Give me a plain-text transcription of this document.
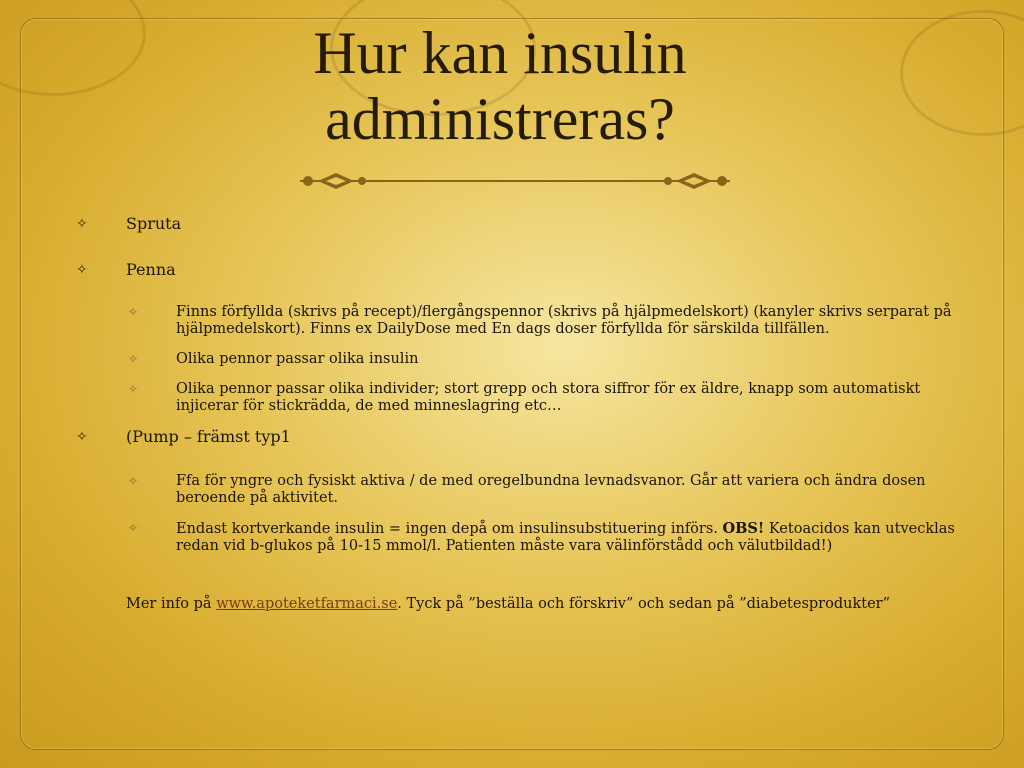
Hur kan insulin
administreras?
✧ Spruta
✧ Penna
✧	Finns förfyllda (skrivs på recept)/flergångspennor (skrivs på hjälpmedelskort) (kanyler skrivs serparat på hjälpmedelskort). Finns ex DailyDose med En dags doser förfyllda för särskilda tillfällen.
✧	Olika pennor passar olika insulin
✧	Olika pennor passar olika individer; stort grepp och stora siffror för ex äldre, knapp som automatiskt injicerar för stickrädda, de med minneslagring etc…
✧ (Pump – främst typ1
✧	Ffa för yngre och fysiskt aktiva / de med oregelbundna levnadsvanor. Går att variera och ändra dosen beroende på aktivitet.
✧	Endast kortverkande insulin = ingen depå om insulinsubstituering införs. OBS! Ketoacidos kan utvecklas redan vid b-glukos på 10-15 mmol/l. Patienten måste vara välinförstådd och välutbildad!)
Mer info på www.apoteketfarmaci.se. Tyck på ”beställa och förskriv” och sedan på ”diabetesprodukter”
